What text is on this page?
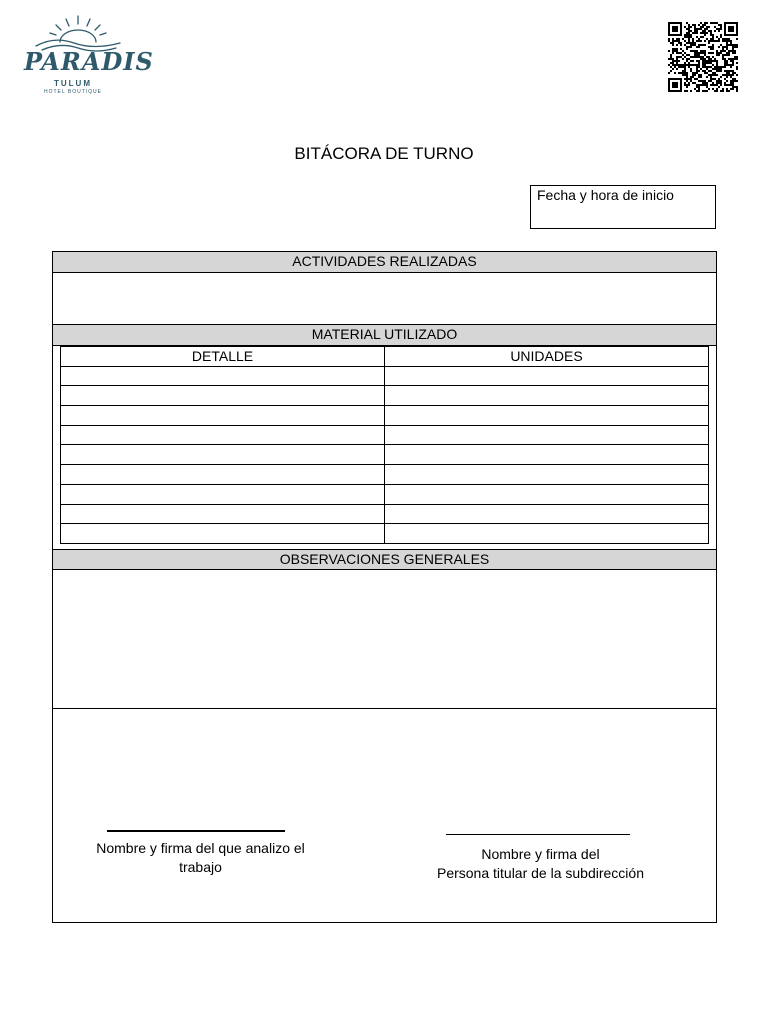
PARADIS
TULUM
HOTEL BOUTIQUE
BITÁCORA DE TURNO
Fecha y hora de inicio
ACTIVIDADES REALIZADAS
MATERIAL UTILIZADO
DETALLE	UNIDADES

OBSERVACIONES GENERALES
Nombre y firma del que analizo el
trabajo
Nombre y firma del
Persona titular de la subdirección
